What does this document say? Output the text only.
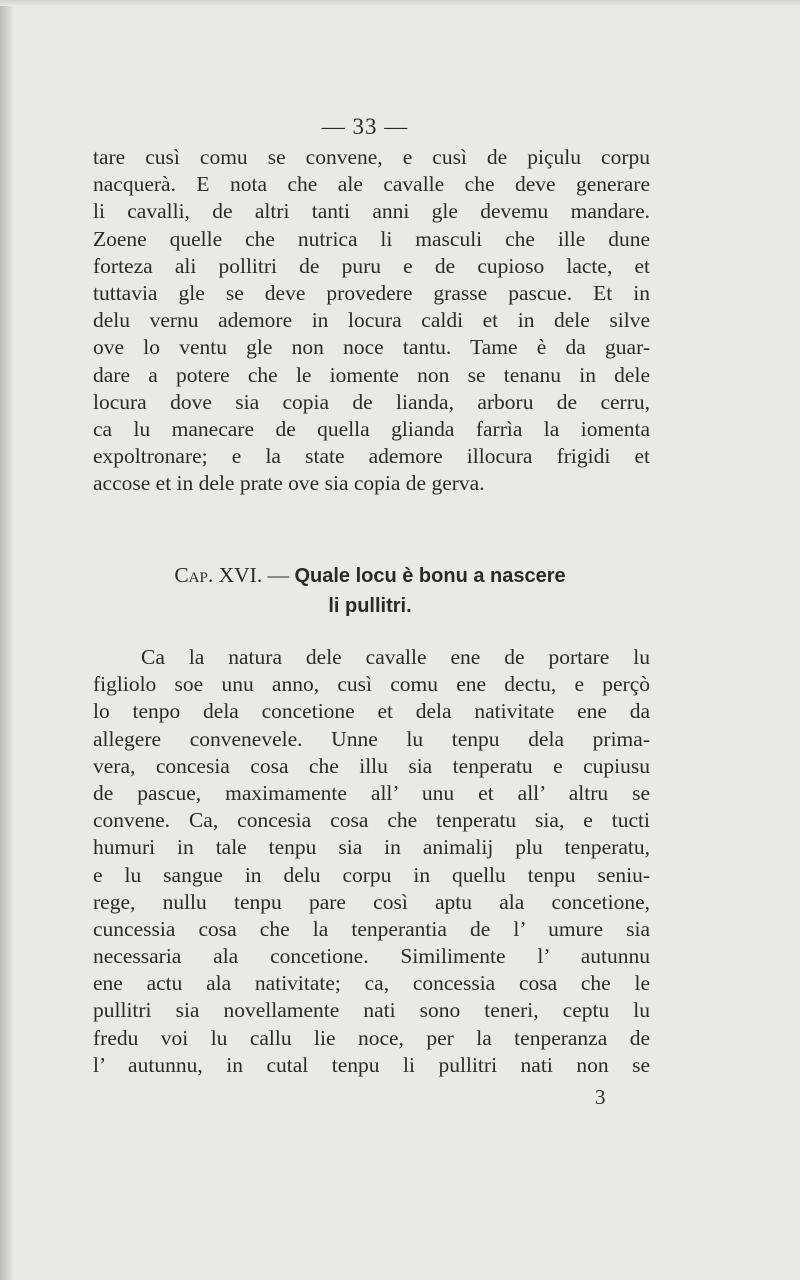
— 33 —
tare cusì comu se convene, e cusì de piçulu corpu
nacquerà. E nota che ale cavalle che deve generare
li cavalli, de altri tanti anni gle devemu mandare.
Zoene quelle che nutrica li masculi che ille dune
forteza ali pollitri de puru e de cupioso lacte, et
tuttavia gle se deve provedere grasse pascue. Et in
delu vernu ademore in locura caldi et in dele silve
ove lo ventu gle non noce tantu. Tame è da guar-
dare a potere che le iomente non se tenanu in dele
locura dove sia copia de lianda, arboru de cerru,
ca lu manecare de quella glianda farrìa la iomenta
expoltronare; e la state ademore illocura frigidi et
accose et in dele prate ove sia copia de gerva.
Cap. XVI. — Quale locu è bonu a nascere
li pullitri.
Ca la natura dele cavalle ene de portare lu
figliolo soe unu anno, cusì comu ene dectu, e perçò
lo tenpo dela concetione et dela nativitate ene da
allegere convenevele. Unne lu tenpu dela prima-
vera, concesia cosa che illu sia tenperatu e cupiusu
de pascue, maximamente all’ unu et all’ altru se
convene. Ca, concesia cosa che tenperatu sia, e tucti
humuri in tale tenpu sia in animalij plu tenperatu,
e lu sangue in delu corpu in quellu tenpu seniu-
rege, nullu tenpu pare così aptu ala concetione,
cuncessia cosa che la tenperantia de l’ umure sia
necessaria ala concetione. Similimente l’ autunnu
ene actu ala nativitate; ca, concessia cosa che le
pullitri sia novellamente nati sono teneri, ceptu lu
fredu voi lu callu lie noce, per la tenperanza de
l’ autunnu, in cutal tenpu li pullitri nati non se
3
